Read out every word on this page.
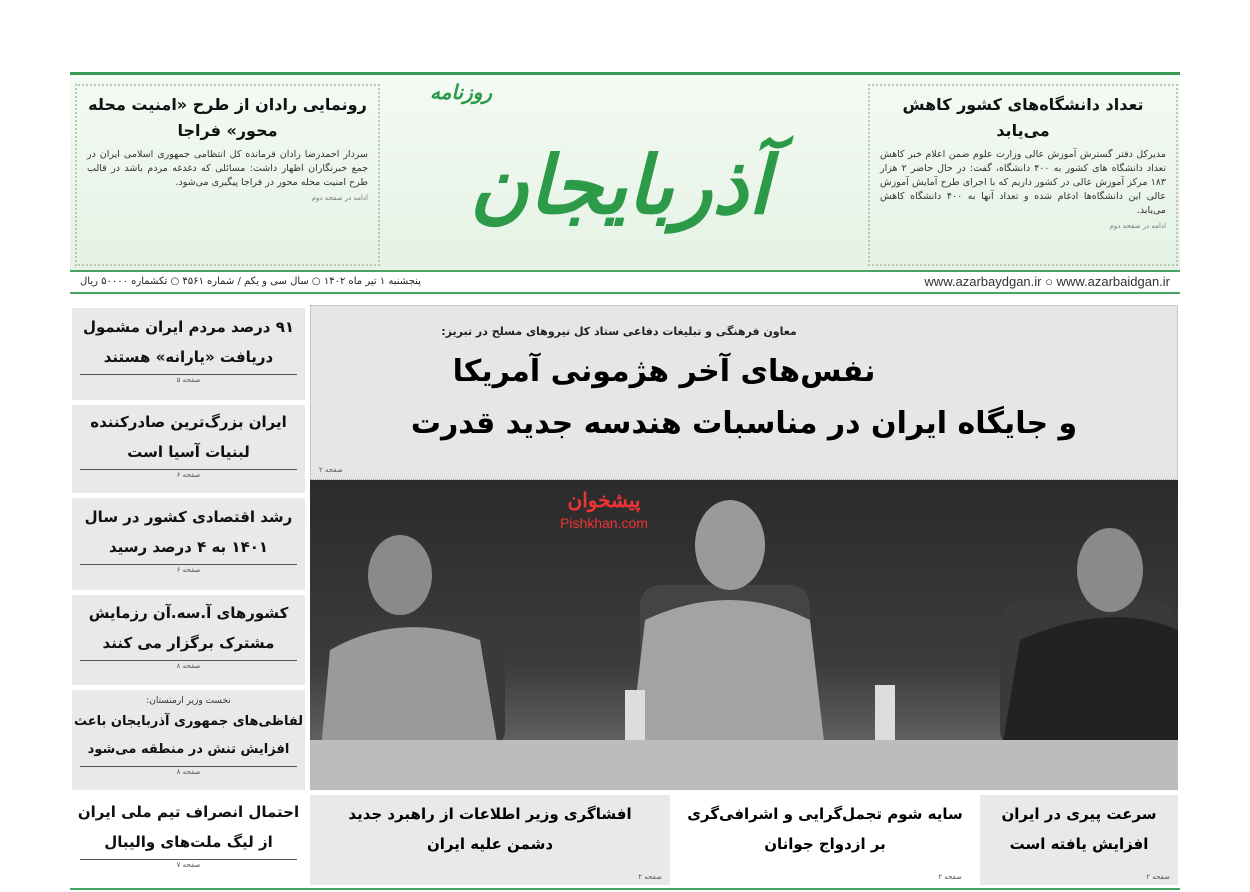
رونمایی رادان از طرح «امنیت محله محور» فراجا

سردار احمدرضا رادان فرمانده کل انتظامی جمهوری اسلامی ایران در جمع خبرنگاران اظهار داشت: مسائلی که دغدغه مردم باشد در قالب طرح امنیت محله محور در فراجا پیگیری می‌شود.

ادامه در صفحه دوم
روزنامه
آذربایجان
تعداد دانشگاه‌های کشور کاهش می‌یابد

مدیرکل دفتر گسترش آموزش عالی وزارت علوم ضمن اعلام خبر کاهش تعداد دانشگاه های کشور به ۴۰۰ دانشگاه، گفت: در حال حاضر ۲ هزار ۱۸۳ مرکز آموزش عالی در کشور داریم که با اجرای طرح آمایش آموزش عالی این دانشگاه‌ها ادغام شده و تعداد آنها به ۴۰۰ دانشگاه کاهش می‌یابد.

ادامه در صفحه دوم
پنجشنبه ۱ تیر ماه ۱۴۰۲ ○ سال سی و یکم / شماره ۴۵۶۱ ○ تکشماره ۵۰۰۰۰ ریال	www.azarbaydgan.ir ○ www.azarbaidgan.ir
۹۱ درصد مردم ایران مشمول دریافت «یارانه» هستند
صفحه ۵
ایران بزرگ‌ترین صادرکننده لبنیات آسیا است
صفحه ۶
رشد اقتصادی کشور در سال ۱۴۰۱ به ۴ درصد رسید
صفحه ۶
کشورهای آ.سه.آن رزمایش مشترک برگزار می کنند
صفحه ۸
نخست وزیر ارمنستان:
لفاظی‌های جمهوری آذربایجان باعث افزایش تنش در منطقه می‌شود
صفحه ۸
احتمال انصراف تیم ملی ایران از لیگ ملت‌های والیبال
صفحه ۷
معاون فرهنگی و تبلیغات دفاعی ستاد کل نیروهای مسلح در تبریز:
نفس‌های آخر هژمونی آمریکا
و جایگاه ایران در مناسبات هندسه جدید قدرت
صفحه ۲
پیشخوان
Pishkhan.com
سرعت پیری در ایران افزایش یافته است
صفحه ۲
سایه شوم تجمل‌گرایی و اشرافی‌گری بر ازدواج جوانان
صفحه ۲
افشاگری وزیر اطلاعات از راهبرد جدید دشمن علیه ایران
صفحه ۲
